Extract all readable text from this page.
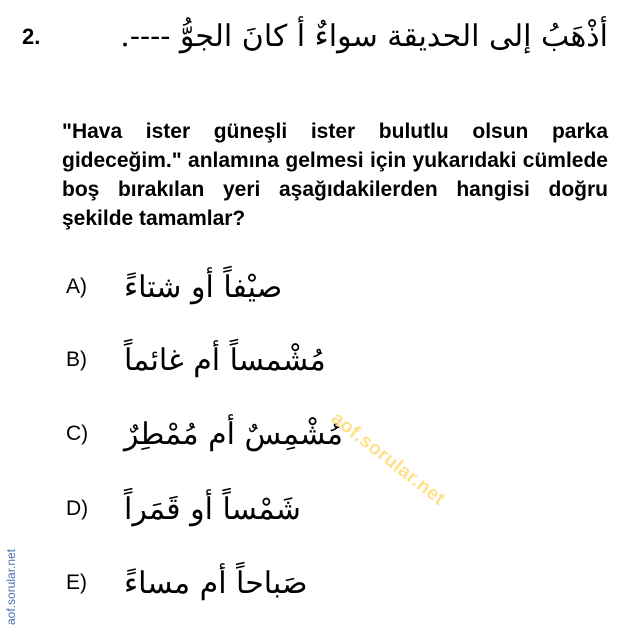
2.	أذْهَبُ إلى الحديقة سواءٌ أ كانَ الجوُّ ----.
"Hava ister güneşli ister bulutlu olsun parka gideceğim." anlamına gelmesi için yukarıdaki cümlede boş bırakılan yeri aşağıdakilerden hangisi doğru şekilde tamamlar?
A)	صيْفاً أو شتاءً
B)	مُشْمساً أم غائماً
C)	مُشْمِسٌ أم مُمْطِرٌ
D)	شَمْساً أو قَمَراً
E)	صَباحاً أم مساءً
aof.sorular.net
aof.sorular.net
